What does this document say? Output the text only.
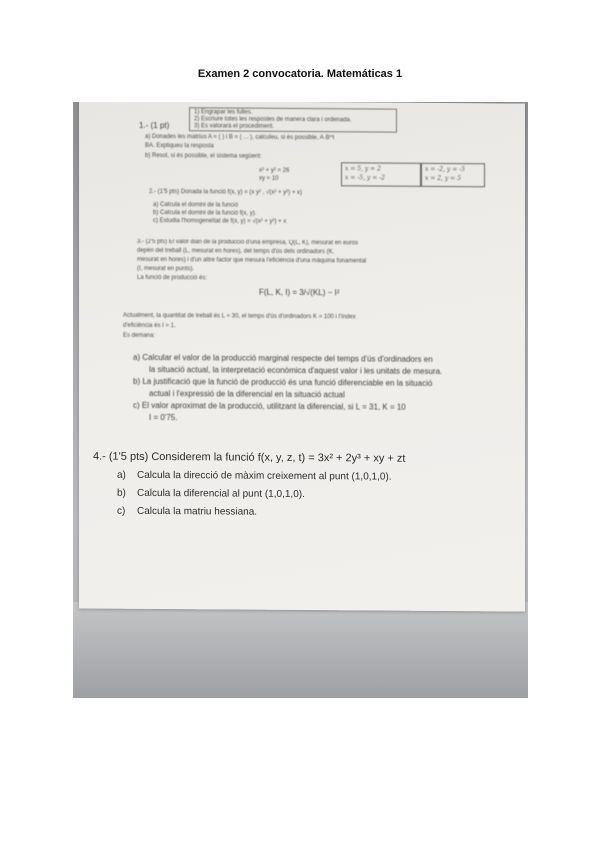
Examen 2 convocatoria. Matemáticas 1
1) Engrapar les fulles.
2) Escriure totes les respostes de manera clara i ordenada.
3) Es valorarà el procediment.
1.- (1 pt)
a) Donades les matrius A = ( ) i B = ( ... ), calculeu, si és possible, A·B^t
BA. Expliqueu la resposta
b) Resol, si és possible, el sistema següent:
x² + y² = 26
xy = 10
x = 5, y = 2
x = -5, y = -2
x = -2, y = -5
x = 2, y = 5
2.- (1'5 pts) Donada la funció f(x, y) = (x y² , √(x² + y²) + x)
a) Calcula el domini de la funció
b) Calcula el domini de la funció f(x, y).
c) Estudia l'homogeneïtat de f(x, y) = √(x² + y²) + x
3.- (2'5 pts) El valor diari de la producció d'una empresa, Q(L, K), mesurat en euros
depèn del treball (L, mesurat en hores), del temps d'ús dels ordinadors (K,
mesurat en hores) i d'un altre factor que mesura l'eficiència d'una màquina fonamental
(I, mesurat en punts).
La funció de producció és:
F(L, K, I) = 3/√(KL) − I²
Actualment, la quantitat de treball és L = 30, el temps d'ús d'ordinadors K = 100 i l'índex
d'eficiència és I = 1.
Es demana:
a) Calcular el valor de la producció marginal respecte del temps d'ús d'ordinadors en
la situació actual, la interpretació econòmica d'aquest valor i les unitats de mesura.
b) La justificació que la funció de producció és una funció diferenciable en la situació
actual i l'expressió de la diferencial en la situació actual
c) El valor aproximat de la producció, utilitzant la diferencial, si L = 31, K = 10
I = 0'75.
4.- (1'5 pts) Considerem la funció f(x, y, z, t) = 3x² + 2y³ + xy + zt
a) Calcula la direcció de màxim creixement al punt (1,0,1,0).
b) Calcula la diferencial al punt (1,0,1,0).
c) Calcula la matriu hessiana.
